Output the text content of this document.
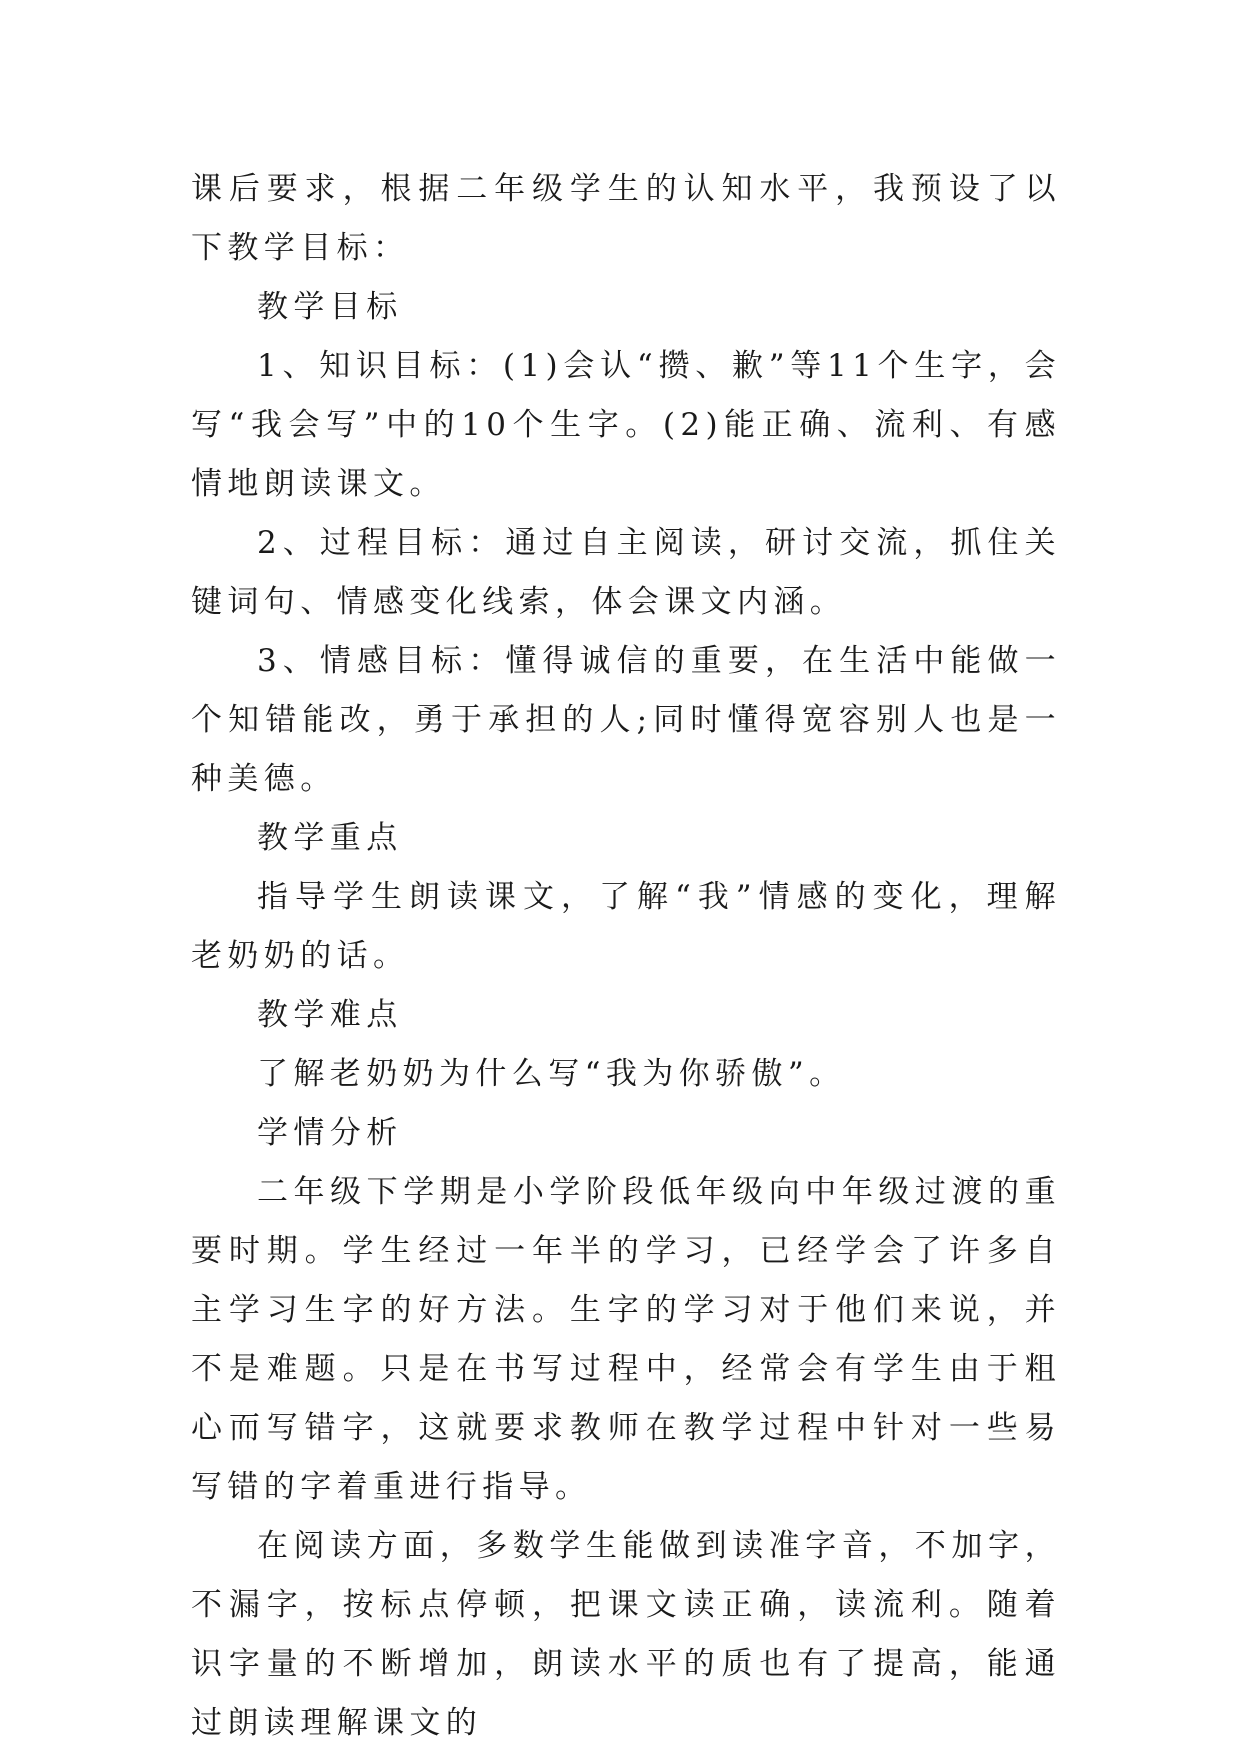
课后要求，根据二年级学生的认知水平，我预设了以下教学目标：

教学目标

1、知识目标：(1)会认“攒、歉”等11个生字，会写“我会写”中的10个生字。(2)能正确、流利、有感情地朗读课文。

2、过程目标：通过自主阅读，研讨交流，抓住关键词句、情感变化线索，体会课文内涵。

3、情感目标：懂得诚信的重要，在生活中能做一个知错能改，勇于承担的人;同时懂得宽容别人也是一种美德。

教学重点

指导学生朗读课文，了解“我”情感的变化，理解老奶奶的话。

教学难点

了解老奶奶为什么写“我为你骄傲”。

学情分析

二年级下学期是小学阶段低年级向中年级过渡的重要时期。学生经过一年半的学习，已经学会了许多自主学习生字的好方法。生字的学习对于他们来说，并不是难题。只是在书写过程中，经常会有学生由于粗心而写错字，这就要求教师在教学过程中针对一些易写错的字着重进行指导。

在阅读方面，多数学生能做到读准字音，不加字，不漏字，按标点停顿，把课文读正确，读流利。随着识字量的不断增加，朗读水平的质也有了提高，能通过朗读理解课文的
